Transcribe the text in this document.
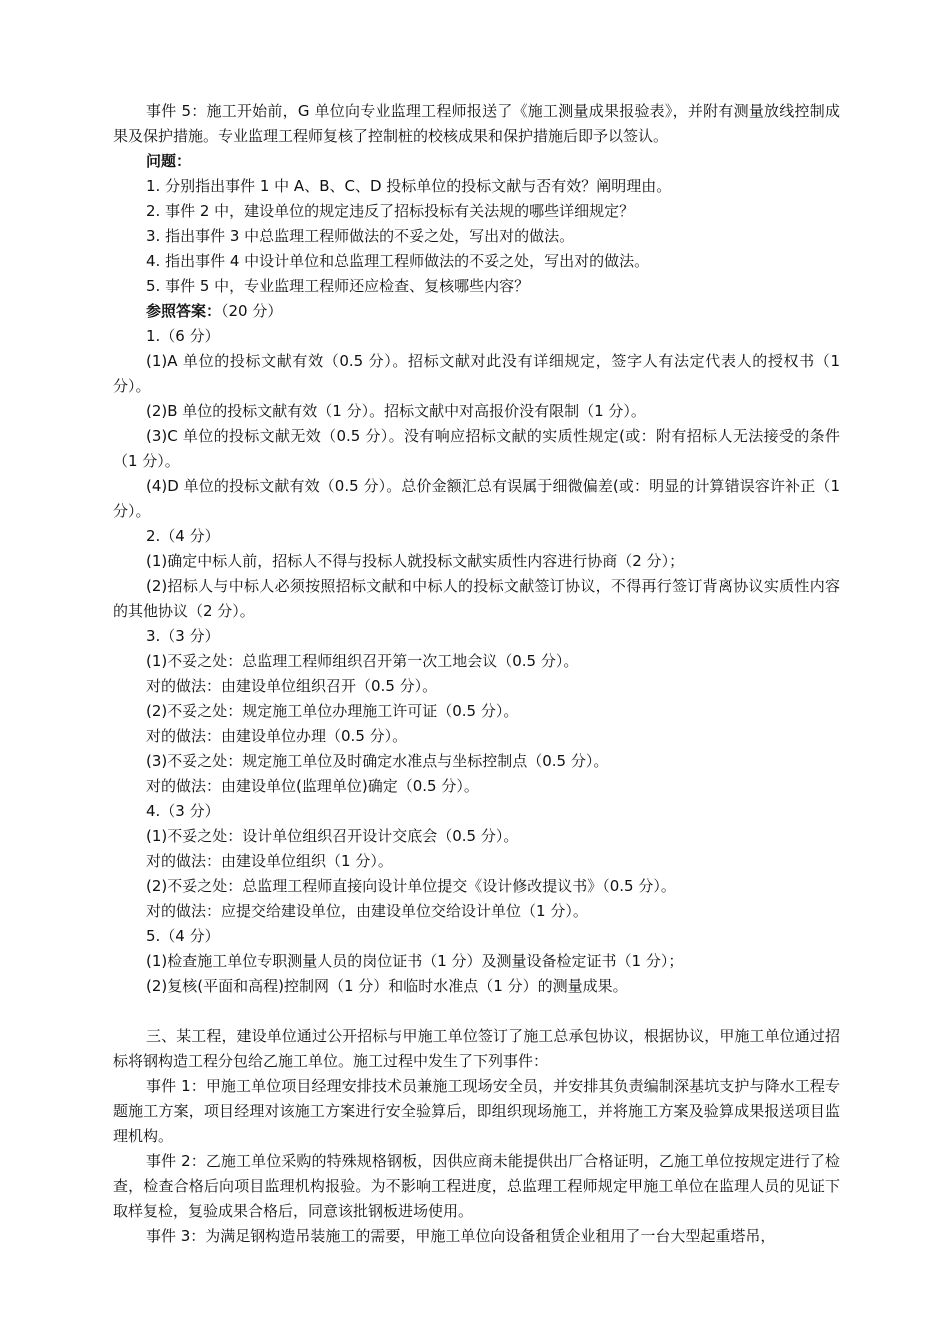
事件 5：施工开始前，G 单位向专业监理工程师报送了《施工测量成果报验表》，并附有测量放线控制成果及保护措施。专业监理工程师复核了控制桩的校核成果和保护措施后即予以签认。

问题：

1. 分别指出事件 1 中 A、B、C、D 投标单位的投标文献与否有效？阐明理由。

2. 事件 2 中，建设单位的规定违反了招标投标有关法规的哪些详细规定？

3. 指出事件 3 中总监理工程师做法的不妥之处，写出对的做法。

4. 指出事件 4 中设计单位和总监理工程师做法的不妥之处，写出对的做法。

5. 事件 5 中，专业监理工程师还应检查、复核哪些内容？

参照答案：（20 分）

1.（6 分）

(1)A 单位的投标文献有效（0.5 分）。招标文献对此没有详细规定，签字人有法定代表人的授权书（1 分）。

(2)B 单位的投标文献有效（1 分）。招标文献中对高报价没有限制（1 分）。

(3)C 单位的投标文献无效（0.5 分）。没有响应招标文献的实质性规定(或：附有招标人无法接受的条件（1 分）。

(4)D 单位的投标文献有效（0.5 分）。总价金额汇总有误属于细微偏差(或：明显的计算错误容许补正（1 分）。

2.（4 分）

(1)确定中标人前，招标人不得与投标人就投标文献实质性内容进行协商（2 分）；

(2)招标人与中标人必须按照招标文献和中标人的投标文献签订协议，不得再行签订背离协议实质性内容的其他协议（2 分）。

3.（3 分）

(1)不妥之处：总监理工程师组织召开第一次工地会议（0.5 分）。

对的做法：由建设单位组织召开（0.5 分）。

(2)不妥之处：规定施工单位办理施工许可证（0.5 分）。

对的做法：由建设单位办理（0.5 分）。

(3)不妥之处：规定施工单位及时确定水准点与坐标控制点（0.5 分）。

对的做法：由建设单位(监理单位)确定（0.5 分）。

4.（3 分）

(1)不妥之处：设计单位组织召开设计交底会（0.5 分）。

对的做法：由建设单位组织（1 分）。

(2)不妥之处：总监理工程师直接向设计单位提交《设计修改提议书》（0.5 分）。

对的做法：应提交给建设单位，由建设单位交给设计单位（1 分）。

5.（4 分）

(1)检查施工单位专职测量人员的岗位证书（1 分）及测量设备检定证书（1 分）；

(2)复核(平面和高程)控制网（1 分）和临时水准点（1 分）的测量成果。

三、某工程，建设单位通过公开招标与甲施工单位签订了施工总承包协议，根据协议，甲施工单位通过招标将钢构造工程分包给乙施工单位。施工过程中发生了下列事件：

事件 1：甲施工单位项目经理安排技术员兼施工现场安全员，并安排其负责编制深基坑支护与降水工程专题施工方案，项目经理对该施工方案进行安全验算后，即组织现场施工，并将施工方案及验算成果报送项目监理机构。

事件 2：乙施工单位采购的特殊规格钢板，因供应商未能提供出厂合格证明，乙施工单位按规定进行了检查，检查合格后向项目监理机构报验。为不影响工程进度，总监理工程师规定甲施工单位在监理人员的见证下取样复检，复验成果合格后，同意该批钢板进场使用。

事件 3：为满足钢构造吊装施工的需要，甲施工单位向设备租赁企业租用了一台大型起重塔吊，
